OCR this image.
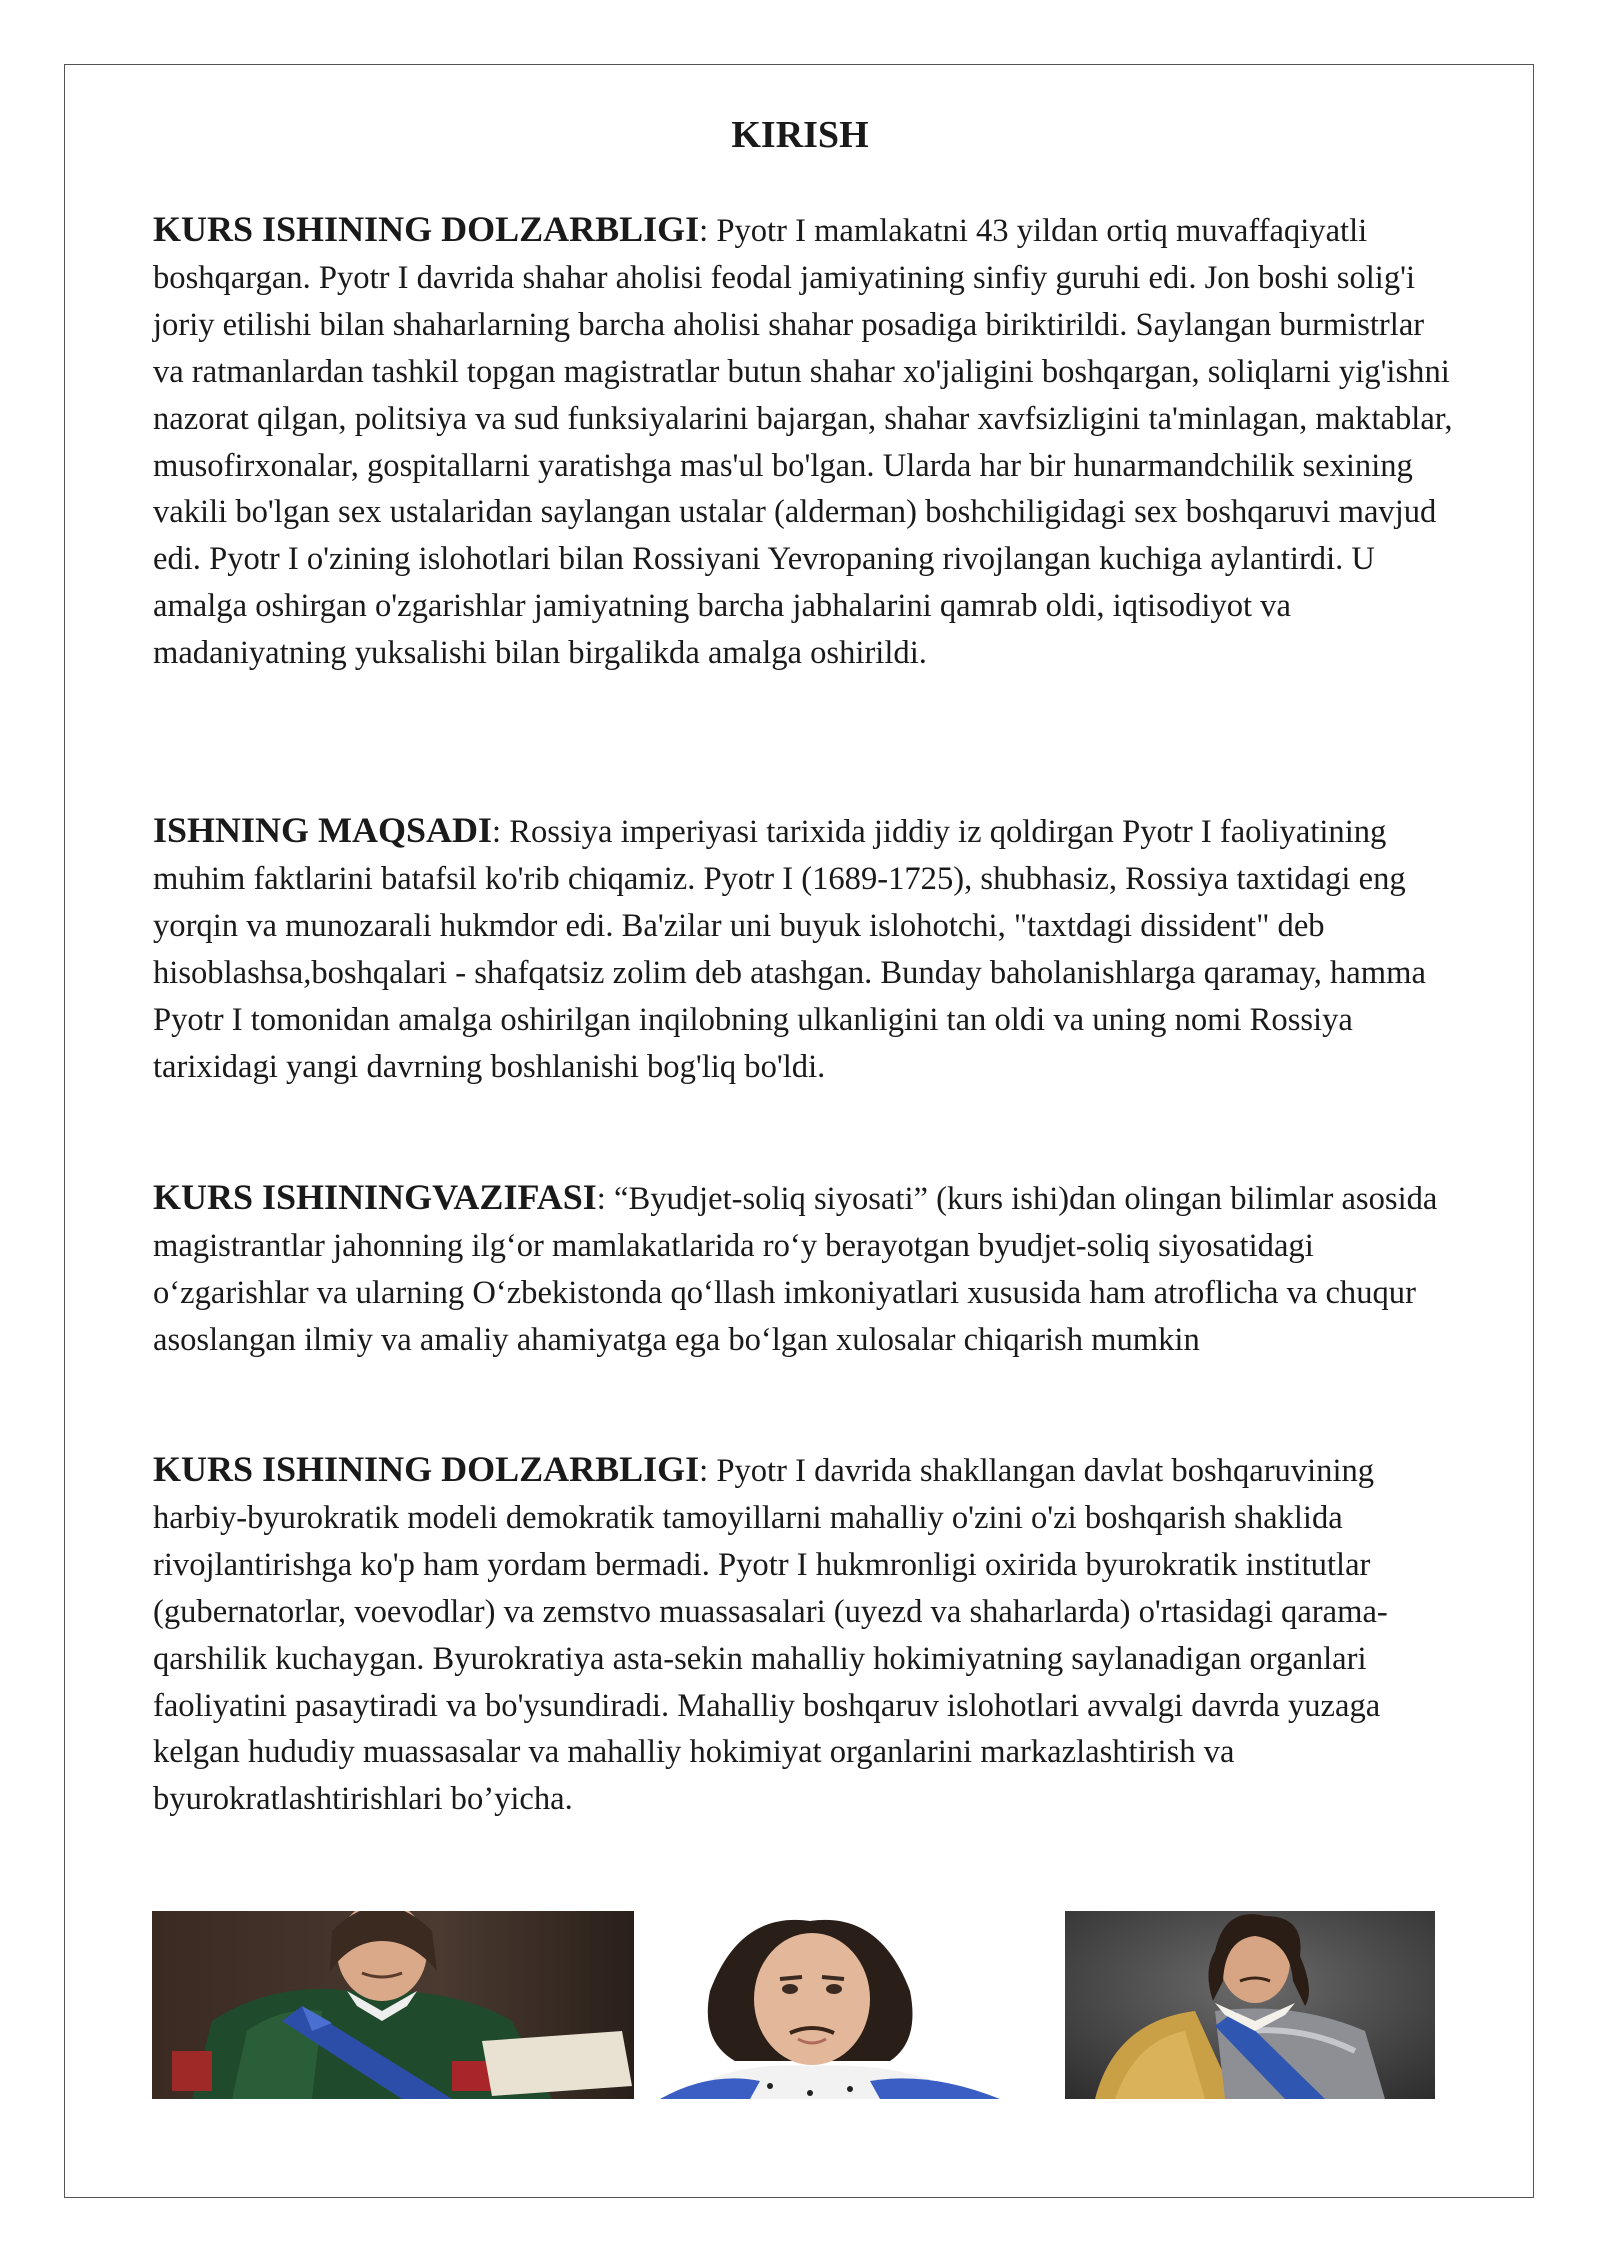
KIRISH

KURS ISHINING DOLZARBLIGI: Pyotr I mamlakatni 43 yildan ortiq muvaffaqiyatli boshqargan. Pyotr I davrida shahar aholisi feodal jamiyatining sinfiy guruhi edi. Jon boshi solig'i joriy etilishi bilan shaharlarning barcha aholisi shahar posadiga biriktirildi. Saylangan burmistrlar va ratmanlardan tashkil topgan magistratlar butun shahar xo'jaligini boshqargan, soliqlarni yig'ishni nazorat qilgan, politsiya va sud funksiyalarini bajargan, shahar xavfsizligini ta'minlagan, maktablar, musofirxonalar, gospitallarni yaratishga mas'ul bo'lgan. Ularda har bir hunarmandchilik sexining vakili bo'lgan sex ustalaridan saylangan ustalar (alderman) boshchiligidagi sex boshqaruvi mavjud edi. Pyotr I o'zining islohotlari bilan Rossiyani Yevropaning rivojlangan kuchiga aylantirdi. U amalga oshirgan o'zgarishlar jamiyatning barcha jabhalarini qamrab oldi, iqtisodiyot va madaniyatning yuksalishi bilan birgalikda amalga oshirildi.

ISHNING MAQSADI: Rossiya imperiyasi tarixida jiddiy iz qoldirgan Pyotr I faoliyatining muhim faktlarini batafsil ko'rib chiqamiz. Pyotr I (1689-1725), shubhasiz, Rossiya taxtidagi eng yorqin va munozarali hukmdor edi. Ba'zilar uni buyuk islohotchi, "taxtdagi dissident" deb hisoblashsa,boshqalari - shafqatsiz zolim deb atashgan. Bunday baholanishlarga qaramay, hamma Pyotr I tomonidan amalga oshirilgan inqilobning ulkanligini tan oldi va uning nomi Rossiya tarixidagi yangi davrning boshlanishi bog'liq bo'ldi.

KURS ISHININGVAZIFASI: “Byudjet-soliq siyosati” (kurs ishi)dan olingan bilimlar asosida magistrantlar jahonning ilg‘or mamlakatlarida ro‘y berayotgan byudjet-soliq siyosatidagi o‘zgarishlar va ularning O‘zbekistonda qo‘llash imkoniyatlari xususida ham atroflicha va chuqur asoslangan ilmiy va amaliy ahamiyatga ega bo‘lgan xulosalar chiqarish mumkin

KURS ISHINING DOLZARBLIGI: Pyotr I davrida shakllangan davlat boshqaruvining harbiy-byurokratik modeli demokratik tamoyillarni mahalliy o'zini o'zi boshqarish shaklida rivojlantirishga ko'p ham yordam bermadi. Pyotr I hukmronligi oxirida byurokratik institutlar (gubernatorlar, voevodlar) va zemstvo muassasalari (uyezd va shaharlarda) o'rtasidagi qarama-qarshilik kuchaygan. Byurokratiya asta-sekin mahalliy hokimiyatning saylanadigan organlari faoliyatini pasaytiradi va bo'ysundiradi. Mahalliy boshqaruv islohotlari avvalgi davrda yuzaga kelgan hududiy muassasalar va mahalliy hokimiyat organlarini markazlashtirish va byurokratlashtirishlari bo’yicha.
